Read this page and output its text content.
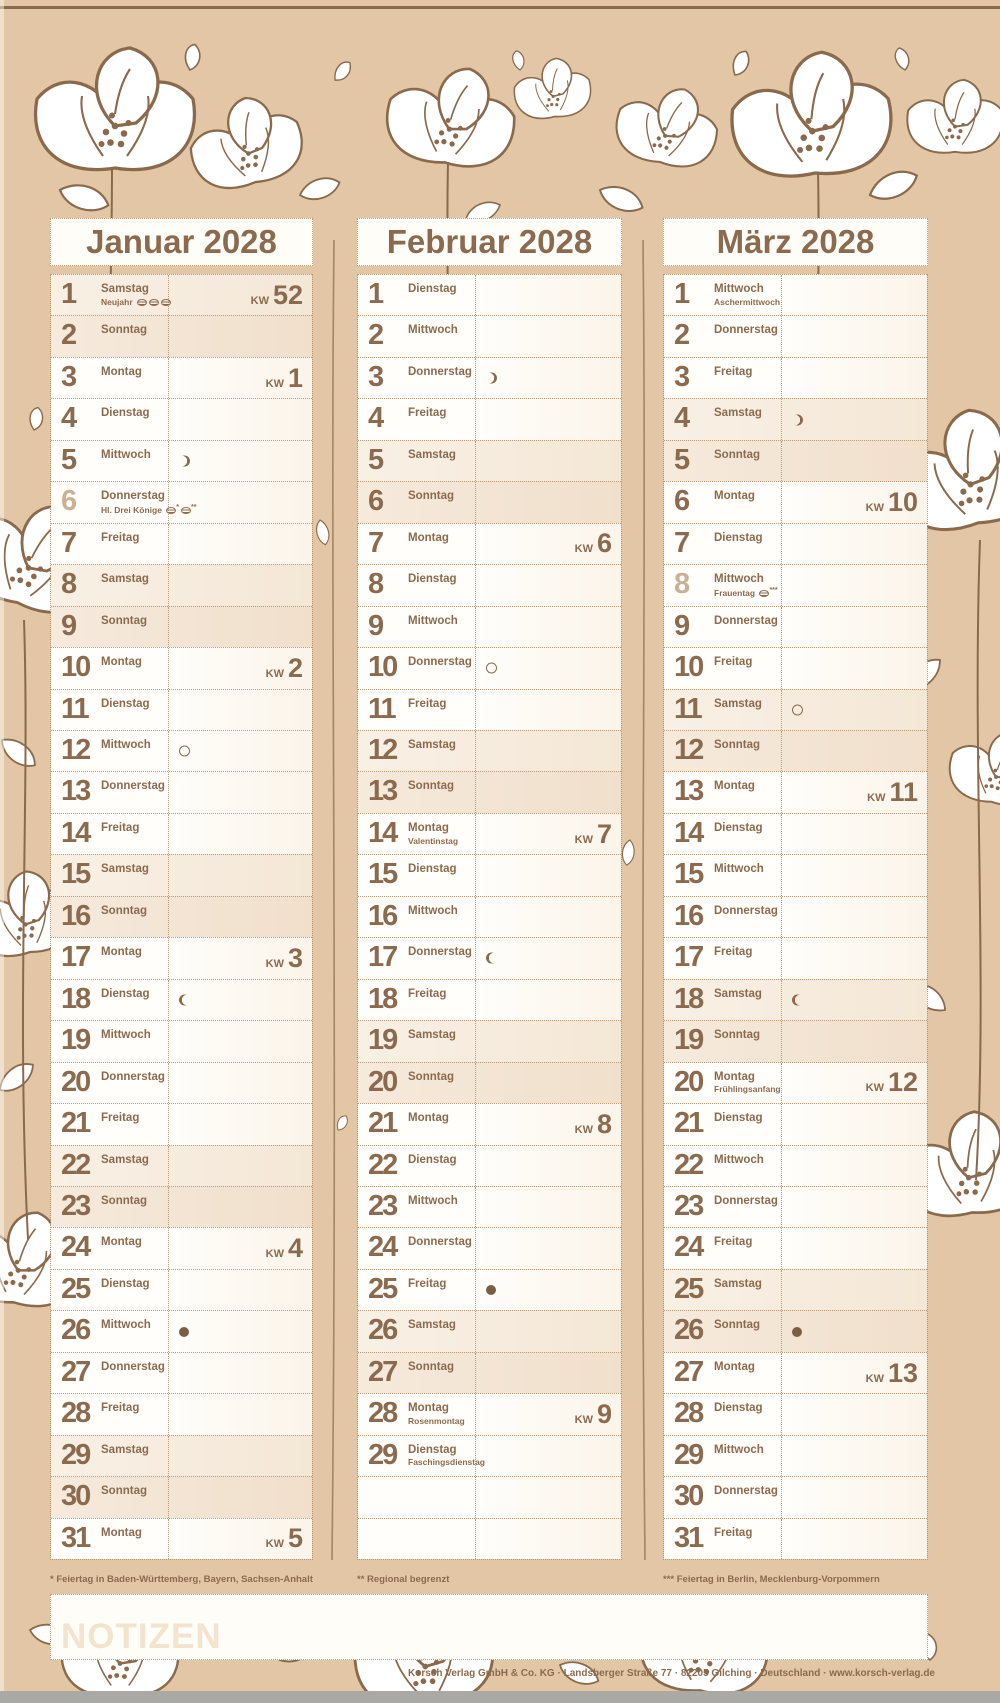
Januar 2028
1	Samstag
Neujahr	KW 52
2	Sonntag
3	Montag
KW 1
4	Dienstag
5	Mittwoch
6	Donnerstag
Hl. Drei Könige * **
7	Freitag
8	Samstag
9	Sonntag
10	Montag
KW 2
11	Dienstag
12	Mittwoch
13	Donnerstag
14	Freitag
15	Samstag
16	Sonntag
17	Montag
KW 3
18	Dienstag
19	Mittwoch
20	Donnerstag
21	Freitag
22	Samstag
23	Sonntag
24	Montag
KW 4
25	Dienstag
26	Mittwoch
27	Donnerstag
28	Freitag
29	Samstag
30	Sonntag
31	Montag
KW 5
* Feiertag in Baden-Württemberg, Bayern, Sachsen-Anhalt
Februar 2028
1	Dienstag
2	Mittwoch
3	Donnerstag
4	Freitag
5	Samstag
6	Sonntag
7	Montag
KW 6
8	Dienstag
9	Mittwoch
10	Donnerstag
11	Freitag
12	Samstag
13	Sonntag
14	Montag
Valentinstag	KW 7
15	Dienstag
16	Mittwoch
17	Donnerstag
18	Freitag
19	Samstag
20	Sonntag
21	Montag
KW 8
22	Dienstag
23	Mittwoch
24	Donnerstag
25	Freitag
26	Samstag
27	Sonntag
28	Montag
Rosenmontag	KW 9
29	Dienstag
Faschingsdienstag
** Regional begrenzt
März 2028
1	Mittwoch
Aschermittwoch
2	Donnerstag
3	Freitag
4	Samstag
5	Sonntag
6	Montag
KW 10
7	Dienstag
8	Mittwoch
Frauentag ***
9	Donnerstag
10	Freitag
11	Samstag
12	Sonntag
13	Montag
KW 11
14	Dienstag
15	Mittwoch
16	Donnerstag
17	Freitag
18	Samstag
19	Sonntag
20	Montag
Frühlingsanfang	KW 12
21	Dienstag
22	Mittwoch
23	Donnerstag
24	Freitag
25	Samstag
26	Sonntag
27	Montag
KW 13
28	Dienstag
29	Mittwoch
30	Donnerstag
31	Freitag
*** Feiertag in Berlin, Mecklenburg-Vorpommern
NOTIZEN
Korsch Verlag GmbH & Co. KG · Landsberger Straße 77 · 82205 Gilching · Deutschland · www.korsch-verlag.de
